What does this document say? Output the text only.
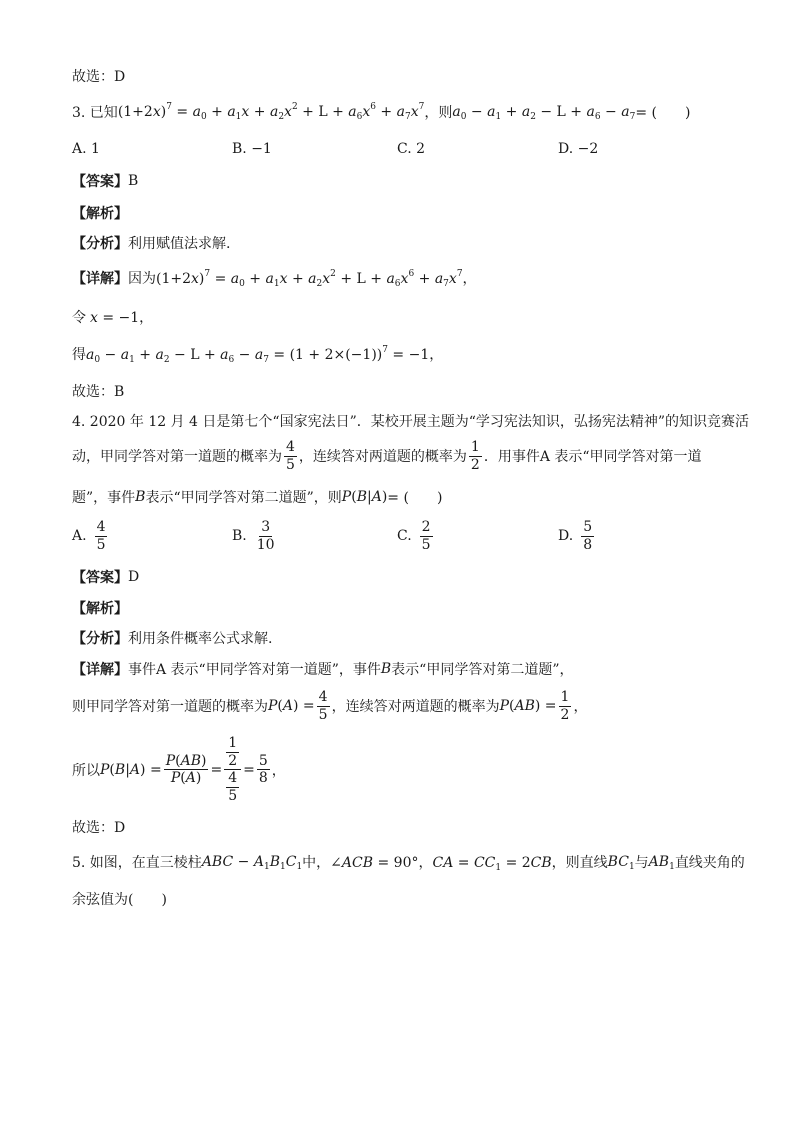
故选：D
3. 已知 $(1+2x)^7 = a_0 + a_1x + a_2x^2 + L + a_6x^6 + a_7x^7$ ，则 $a_0 - a_1 + a_2 - L + a_6 - a_7$ = (　　)
A. 1	B. −1	C. 2	D. −2
【答案】 B
【解析】
【分析】 利用赋值法求解.
【详解】 因为 $(1+2x)^7 = a_0 + a_1x + a_2x^2 + L + a_6x^6 + a_7x^7$，
令 x = −1，
得 $a_0 - a_1 + a_2 - L + a_6 - a_7 = (1 + 2\times(-1))^7 = -1$，
故选：B
4. 2020 年 12 月 4 日是第七个“国家宪法日”．某校开展主题为“学习宪法知识，弘扬宪法精神”的知识竞赛活
动，甲同学答对第一道题的概率为 $\frac{4}{5}$ ，连续答对两道题的概率为 $\frac{1}{2}$ ．用事件A 表示“甲同学答对第一道
题”，事件 B 表示“甲同学答对第二道题”，则 P(B|A) = (　　)
A. $\frac{4}{5}$	B. $\frac{3}{10}$	C. $\frac{2}{5}$	D. $\frac{5}{8}$
【答案】 D
【解析】
【分析】 利用条件概率公式求解.
【详解】 事件A 表示“甲同学答对第一道题”，事件 B 表示“甲同学答对第二道题”，
则甲同学答对第一道题的概率为 $P(A) = \frac{4}{5}$ ，连续答对两道题的概率为 $P(AB) = \frac{1}{2}$ ，
所以 $P(B|A) = \frac{P(AB)}{P(A)} = \frac{\frac{1}{2}}{\frac{4}{5}} = \frac{5}{8}$ ，
故选：D
5. 如图，在直三棱柱 ABC − $A_1B_1C_1$ 中， ∠ACB = 90°，CA = $CC_1 = 2CB$ ，则直线 $BC_1$ 与 $AB_1$ 直线夹角的
余弦值为(　　)
